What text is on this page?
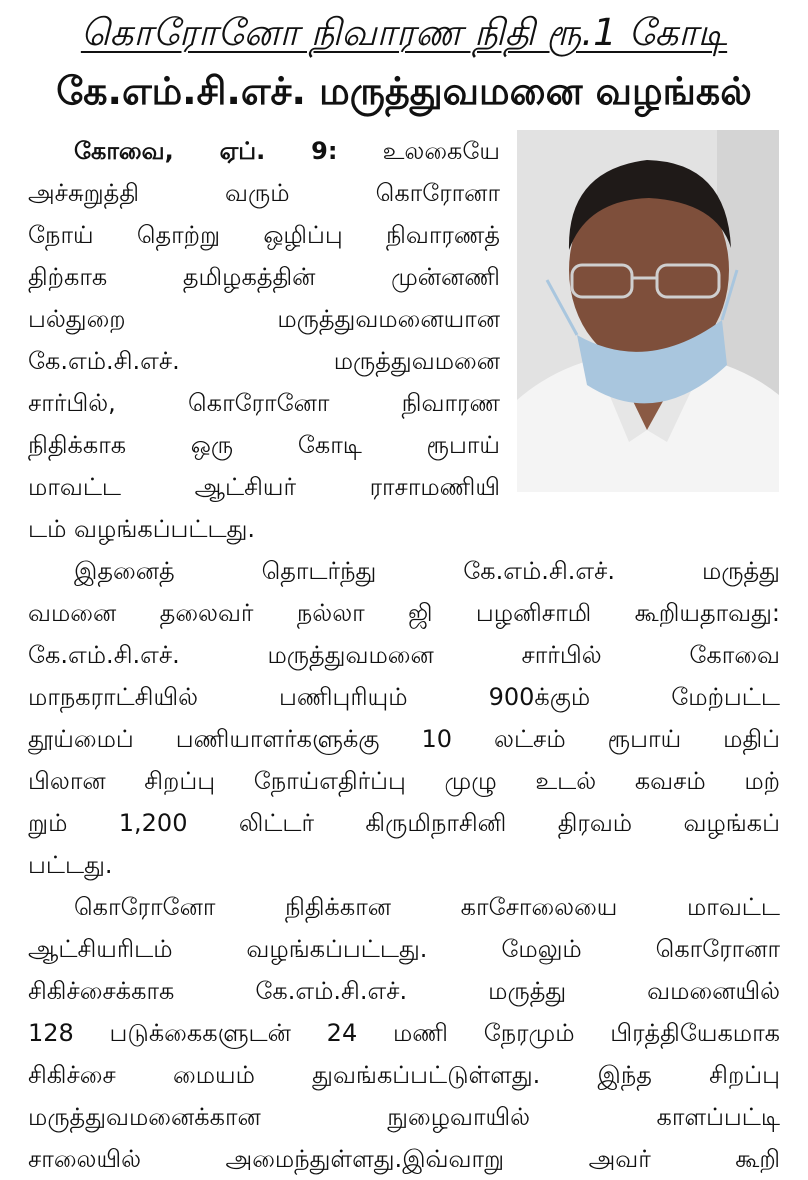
கொரோனோ நிவாரண நிதி ரூ.1 கோடி
கே.எம்.சி.எச். மருத்துவமனை வழங்கல்
கோவை, ஏப். 9: உலகையே
அச்சுறுத்தி வரும் கொரோனா
நோய் தொற்று ஒழிப்பு நிவாரணத்
திற்காக தமிழகத்தின் முன்னணி
பல்துறை மருத்துவமனையான
கே.எம்.சி.எச். மருத்துவமனை
சார்பில், கொரோனோ நிவாரண
நிதிக்காக ஒரு கோடி ரூபாய்
மாவட்ட ஆட்சியர் ராசாமணியி
டம் வழங்கப்பட்டது.
இதனைத் தொடர்ந்து கே.எம்.சி.எச். மருத்து
வமனை தலைவர் நல்லா ஜி பழனிசாமி கூறியதாவது:
கே.எம்.சி.எச். மருத்துவமனை சார்பில் கோவை
மாநகராட்சியில் பணிபுரியும் 900க்கும் மேற்பட்ட
தூய்மைப் பணியாளர்களுக்கு 10 லட்சம் ரூபாய் மதிப்
பிலான சிறப்பு நோய்எதிர்ப்பு முழு உடல் கவசம் மற்
றும் 1,200 லிட்டர் கிருமிநாசினி திரவம் வழங்கப்
பட்டது.
கொரோனோ நிதிக்கான காசோலையை மாவட்ட
ஆட்சியரிடம் வழங்கப்பட்டது. மேலும் கொரோனா
சிகிச்சைக்காக கே.எம்.சி.எச். மருத்து வமனையில்
128 படுக்கைகளுடன் 24 மணி நேரமும் பிரத்தியேகமாக
சிகிச்சை மையம் துவங்கப்பட்டுள்ளது. இந்த சிறப்பு
மருத்துவமனைக்கான நுழைவாயில் காளப்பட்டி
சாலையில் அமைந்துள்ளது.இவ்வாறு அவர் கூறி
